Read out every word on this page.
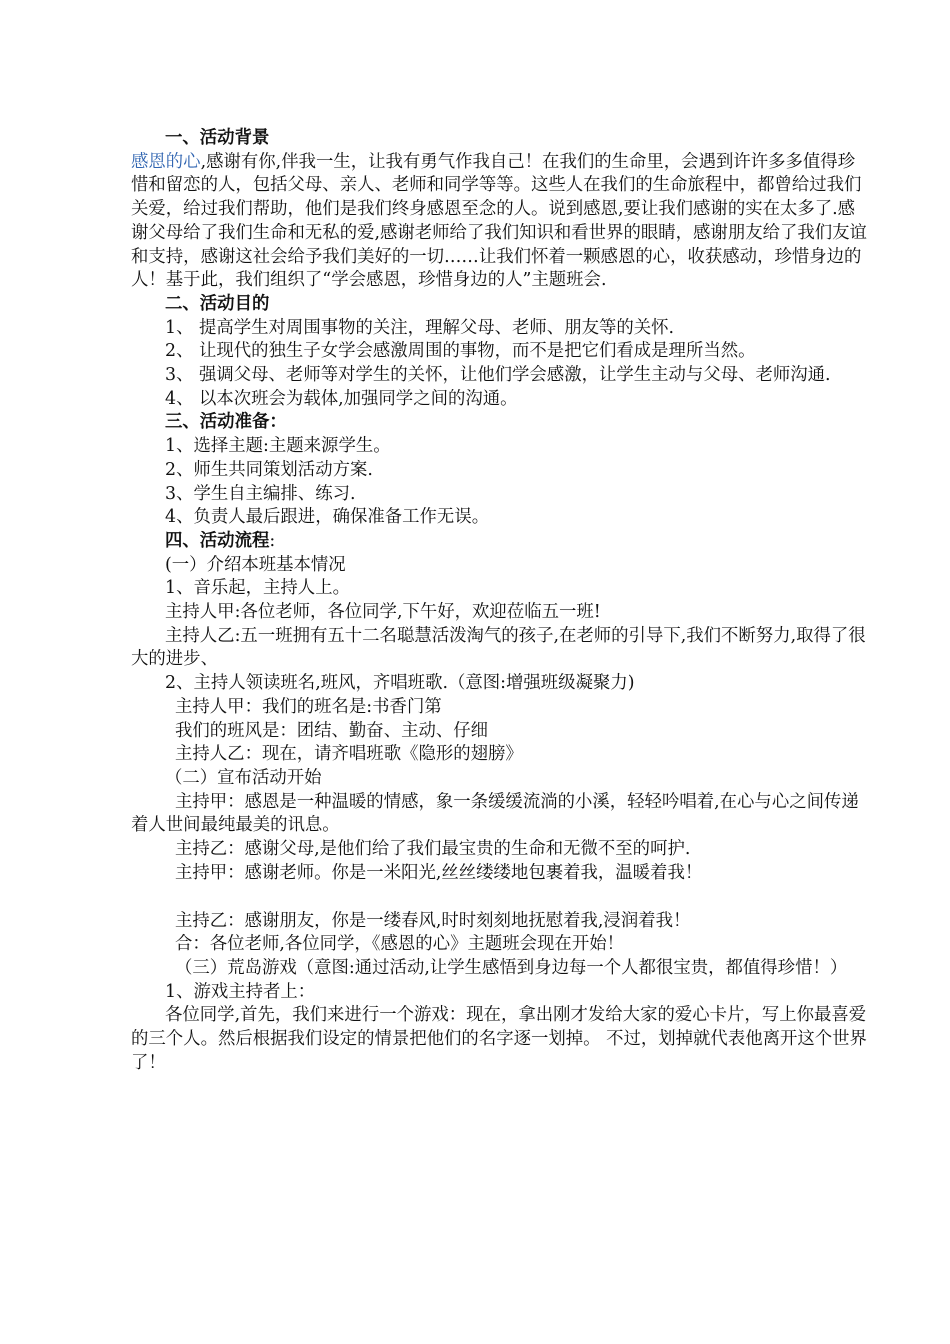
一、活动背景

感恩的心,感谢有你,伴我一生，让我有勇气作我自己！在我们的生命里，会遇到许许多多值得珍惜和留恋的人，包括父母、亲人、老师和同学等等。这些人在我们的生命旅程中，都曾给过我们关爱，给过我们帮助，他们是我们终身感恩至念的人。说到感恩,要让我们感谢的实在太多了.感谢父母给了我们生命和无私的爱,感谢老师给了我们知识和看世界的眼睛，感谢朋友给了我们友谊和支持，感谢这社会给予我们美好的一切……让我们怀着一颗感恩的心，收获感动，珍惜身边的人！基于此，我们组织了“学会感恩，珍惜身边的人”主题班会.

二、活动目的

1、 提高学生对周围事物的关注，理解父母、老师、朋友等的关怀.

2、 让现代的独生子女学会感激周围的事物，而不是把它们看成是理所当然。

3、 强调父母、老师等对学生的关怀，让他们学会感激，让学生主动与父母、老师沟通.

4、 以本次班会为载体,加强同学之间的沟通。

三、活动准备：

1、选择主题:主题来源学生。

2、师生共同策划活动方案.

3、学生自主编排、练习.

4、负责人最后跟进，确保准备工作无误。

四、活动流程:

(一）介绍本班基本情况

1、音乐起，主持人上。

主持人甲:各位老师，各位同学,下午好，欢迎莅临五一班!

主持人乙:五一班拥有五十二名聪慧活泼淘气的孩子,在老师的引导下,我们不断努力,取得了很大的进步、

2、主持人领读班名,班风，齐唱班歌.（意图:增强班级凝聚力)

主持人甲：我们的班名是:书香门第

我们的班风是：团结、勤奋、主动、仔细

主持人乙：现在，请齐唱班歌《隐形的翅膀》

（二）宣布活动开始

主持甲：感恩是一种温暖的情感，象一条缓缓流淌的小溪，轻轻吟唱着,在心与心之间传递着人世间最纯最美的讯息。

主持乙：感谢父母,是他们给了我们最宝贵的生命和无微不至的呵护.

主持甲：感谢老师。你是一米阳光,丝丝缕缕地包裹着我，温暖着我！

主持乙：感谢朋友，你是一缕春风,时时刻刻地抚慰着我,浸润着我！

合：各位老师,各位同学，《感恩的心》主题班会现在开始！

（三）荒岛游戏（意图:通过活动,让学生感悟到身边每一个人都很宝贵，都值得珍惜！）

1、游戏主持者上：

各位同学,首先，我们来进行一个游戏：现在，拿出刚才发给大家的爱心卡片，写上你最喜爱的三个人。然后根据我们设定的情景把他们的名字逐一划掉。 不过，划掉就代表他离开这个世界了！
